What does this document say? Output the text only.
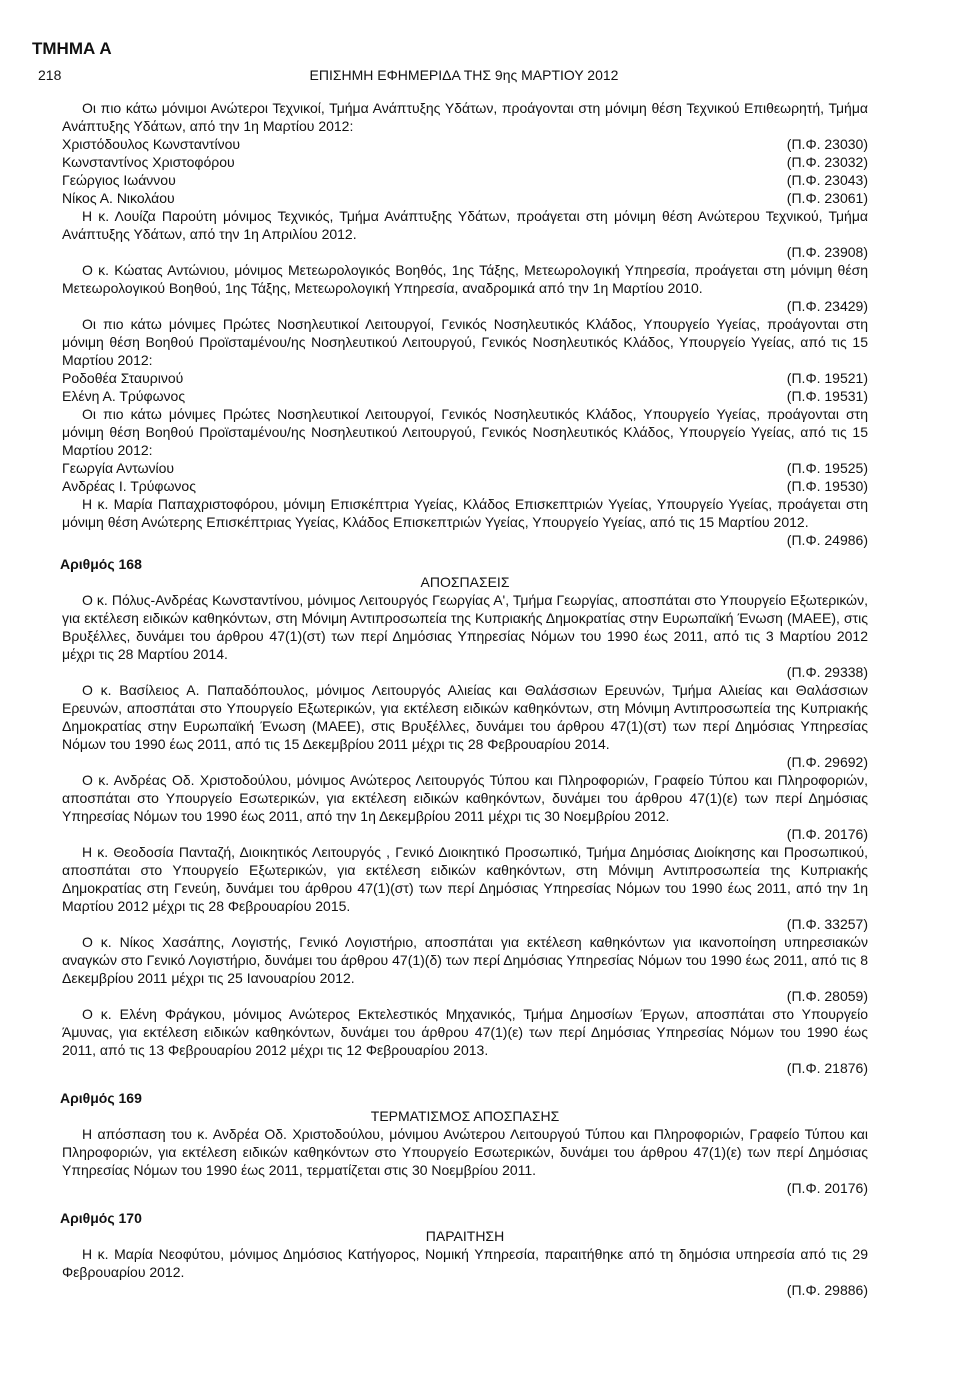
ΤΜΗΜΑ Α
218	ΕΠΙΣΗΜΗ ΕΦΗΜΕΡΙΔΑ ΤΗΣ 9ης ΜΑΡΤΙΟΥ 2012

Οι πιο κάτω μόνιμοι Ανώτεροι Τεχνικοί, Τμήμα Ανάπτυξης Υδάτων, προάγονται στη μόνιμη θέση Τεχνικού Επιθεωρητή, Τμήμα Ανάπτυξης Υδάτων, από την 1η Μαρτίου 2012:

Χριστόδουλος Κωνσταντίνου	(Π.Φ. 23030)
Κωνσταντίνος Χριστοφόρου	(Π.Φ. 23032)
Γεώργιος Ιωάννου	(Π.Φ. 23043)
Νίκος Α. Νικολάου	(Π.Φ. 23061)

Η κ. Λουίζα Παρούτη μόνιμος Τεχνικός, Τμήμα Ανάπτυξης Υδάτων, προάγεται στη μόνιμη θέση Ανώτερου Τεχνικού, Τμήμα Ανάπτυξης Υδάτων, από την 1η Απριλίου 2012.

(Π.Φ. 23908)

Ο κ. Κώατας Αντώνιου, μόνιμος Μετεωρολογικός Βοηθός, 1ης Τάξης, Μετεωρολογική Υπηρεσία, προάγεται στη μόνιμη θέση Μετεωρολογικού Βοηθού, 1ης Τάξης, Μετεωρολογική Υπηρεσία, αναδρομικά από την 1η Μαρτίου 2010.

(Π.Φ. 23429)

Οι πιο κάτω μόνιμες Πρώτες Νοσηλευτικοί Λειτουργοί, Γενικός Νοσηλευτικός Κλάδος, Υπουργείο Υγείας, προάγονται στη μόνιμη θέση Βοηθού Προϊσταμένου/ης Νοσηλευτικού Λειτουργού, Γενικός Νοσηλευτικός Κλάδος, Υπουργείο Υγείας, από τις 15 Μαρτίου 2012:

Ροδοθέα Σταυρινού	(Π.Φ. 19521)
Ελένη Α. Τρύφωνος	(Π.Φ. 19531)

Οι πιο κάτω μόνιμες Πρώτες Νοσηλευτικοί Λειτουργοί, Γενικός Νοσηλευτικός Κλάδος, Υπουργείο Υγείας, προάγονται στη μόνιμη θέση Βοηθού Προϊσταμένου/ης Νοσηλευτικού Λειτουργού, Γενικός Νοσηλευτικός Κλάδος, Υπουργείο Υγείας, από τις 15 Μαρτίου 2012:

Γεωργία Αντωνίου	(Π.Φ. 19525)
Ανδρέας Ι. Τρύφωνος	(Π.Φ. 19530)

Η κ. Μαρία Παπαχριστοφόρου, μόνιμη Επισκέπτρια Υγείας, Κλάδος Επισκεπτριών Υγείας, Υπουργείο Υγείας, προάγεται στη μόνιμη θέση Ανώτερης Επισκέπτριας Υγείας, Κλάδος Επισκεπτριών Υγείας, Υπουργείο Υγείας, από τις 15 Μαρτίου 2012.

(Π.Φ. 24986)
Αριθμός 168
ΑΠΟΣΠΑΣΕΙΣ

Ο κ. Πόλυς-Ανδρέας Κωνσταντίνου, μόνιμος Λειτουργός Γεωργίας Α', Τμήμα Γεωργίας, αποσπάται στο Υπουργείο Εξωτερικών, για εκτέλεση ειδικών καθηκόντων, στη Μόνιμη Αντιπροσωπεία της Κυπριακής Δημοκρατίας στην Ευρωπαϊκή Ένωση (ΜΑΕΕ), στις Βρυξέλλες, δυνάμει του άρθρου 47(1)(στ) των περί Δημόσιας Υπηρεσίας Νόμων του 1990 έως 2011, από τις 3 Μαρτίου 2012 μέχρι τις 28 Μαρτίου 2014.

(Π.Φ. 29338)

Ο κ. Βασίλειος Α. Παπαδόπουλος, μόνιμος Λειτουργός Αλιείας και Θαλάσσιων Ερευνών, Τμήμα Αλιείας και Θαλάσσιων Ερευνών, αποσπάται στο Υπουργείο Εξωτερικών, για εκτέλεση ειδικών καθηκόντων, στη Μόνιμη Αντιπροσωπεία της Κυπριακής Δημοκρατίας στην Ευρωπαϊκή Ένωση (ΜΑΕΕ), στις Βρυξέλλες, δυνάμει του άρθρου 47(1)(στ) των περί Δημόσιας Υπηρεσίας Νόμων του 1990 έως 2011, από τις 15 Δεκεμβρίου 2011 μέχρι τις 28 Φεβρουαρίου 2014.

(Π.Φ. 29692)

Ο κ. Ανδρέας Οδ. Χριστοδούλου, μόνιμος Ανώτερος Λειτουργός Τύπου και Πληροφοριών, Γραφείο Τύπου και Πληροφοριών, αποσπάται στο Υπουργείο Εσωτερικών, για εκτέλεση ειδικών καθηκόντων, δυνάμει του άρθρου 47(1)(ε) των περί Δημόσιας Υπηρεσίας Νόμων του 1990 έως 2011, από την 1η Δεκεμβρίου 2011 μέχρι τις 30 Νοεμβρίου 2012.

(Π.Φ. 20176)

Η κ. Θεοδοσία Πανταζή, Διοικητικός Λειτουργός , Γενικό Διοικητικό Προσωπικό, Τμήμα Δημόσιας Διοίκησης και Προσωπικού, αποσπάται στο Υπουργείο Εξωτερικών, για εκτέλεση ειδικών καθηκόντων, στη Μόνιμη Αντιπροσωπεία της Κυπριακής Δημοκρατίας στη Γενεύη, δυνάμει του άρθρου 47(1)(στ) των περί Δημόσιας Υπηρεσίας Νόμων του 1990 έως 2011, από την 1η Μαρτίου 2012 μέχρι τις 28 Φεβρουαρίου 2015.

(Π.Φ. 33257)

Ο κ. Νίκος Χασάπης, Λογιστής, Γενικό Λογιστήριο, αποσπάται για εκτέλεση καθηκόντων για ικανοποίηση υπηρεσιακών αναγκών στο Γενικό Λογιστήριο, δυνάμει του άρθρου 47(1)(δ) των περί Δημόσιας Υπηρεσίας Νόμων του 1990 έως 2011, από τις 8 Δεκεμβρίου 2011 μέχρι τις 25 Ιανουαρίου 2012.

(Π.Φ. 28059)

Ο κ. Ελένη Φράγκου, μόνιμος Ανώτερος Εκτελεστικός Μηχανικός, Τμήμα Δημοσίων Έργων, αποσπάται στο Υπουργείο Άμυνας, για εκτέλεση ειδικών καθηκόντων, δυνάμει του άρθρου 47(1)(ε) των περί Δημόσιας Υπηρεσίας Νόμων του 1990 έως 2011, από τις 13 Φεβρουαρίου 2012 μέχρι τις 12 Φεβρουαρίου 2013.

(Π.Φ. 21876)
Αριθμός 169
ΤΕΡΜΑΤΙΣΜΟΣ ΑΠΟΣΠΑΣΗΣ

Η απόσπαση του κ. Ανδρέα Οδ. Χριστοδούλου, μόνιμου Ανώτερου Λειτουργού Τύπου και Πληροφοριών, Γραφείο Τύπου και Πληροφοριών, για εκτέλεση ειδικών καθηκόντων στο Υπουργείο Εσωτερικών, δυνάμει του άρθρου 47(1)(ε) των περί Δημόσιας Υπηρεσίας Νόμων του 1990 έως 2011, τερματίζεται στις 30 Νοεμβρίου 2011.

(Π.Φ. 20176)
Αριθμός 170
ΠΑΡΑΙΤΗΣΗ

Η κ. Μαρία Νεοφύτου, μόνιμος Δημόσιος Κατήγορος, Νομική Υπηρεσία, παραιτήθηκε από τη δημόσια υπηρεσία από τις 29 Φεβρουαρίου 2012.

(Π.Φ. 29886)
